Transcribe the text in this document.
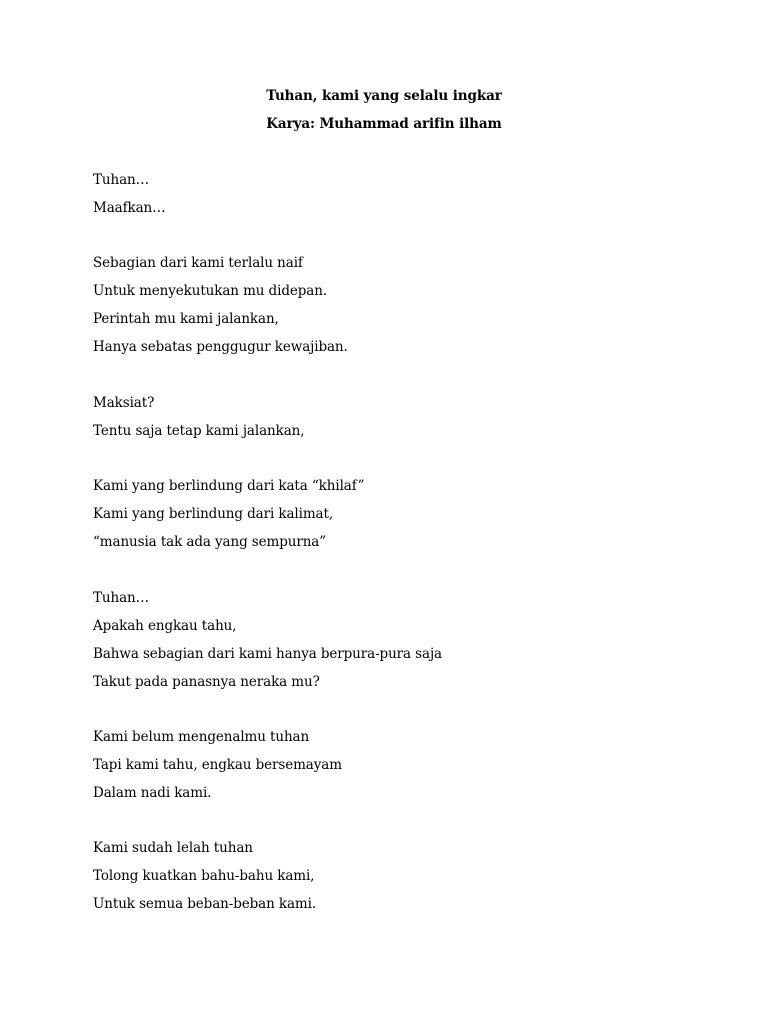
Tuhan, kami yang selalu ingkar
Karya: Muhammad arifin ilham
Tuhan…
Maafkan…
Sebagian dari kami terlalu naif
Untuk menyekutukan mu didepan.
Perintah mu kami jalankan,
Hanya sebatas penggugur kewajiban.
Maksiat?
Tentu saja tetap kami jalankan,
Kami yang berlindung dari kata “khilaf”
Kami yang berlindung dari kalimat,
“manusia tak ada yang sempurna”
Tuhan…
Apakah engkau tahu,
Bahwa sebagian dari kami hanya berpura-pura saja
Takut pada panasnya neraka mu?
Kami belum mengenalmu tuhan
Tapi kami tahu, engkau bersemayam
Dalam nadi kami.
Kami sudah lelah tuhan
Tolong kuatkan bahu-bahu kami,
Untuk semua beban-beban kami.
